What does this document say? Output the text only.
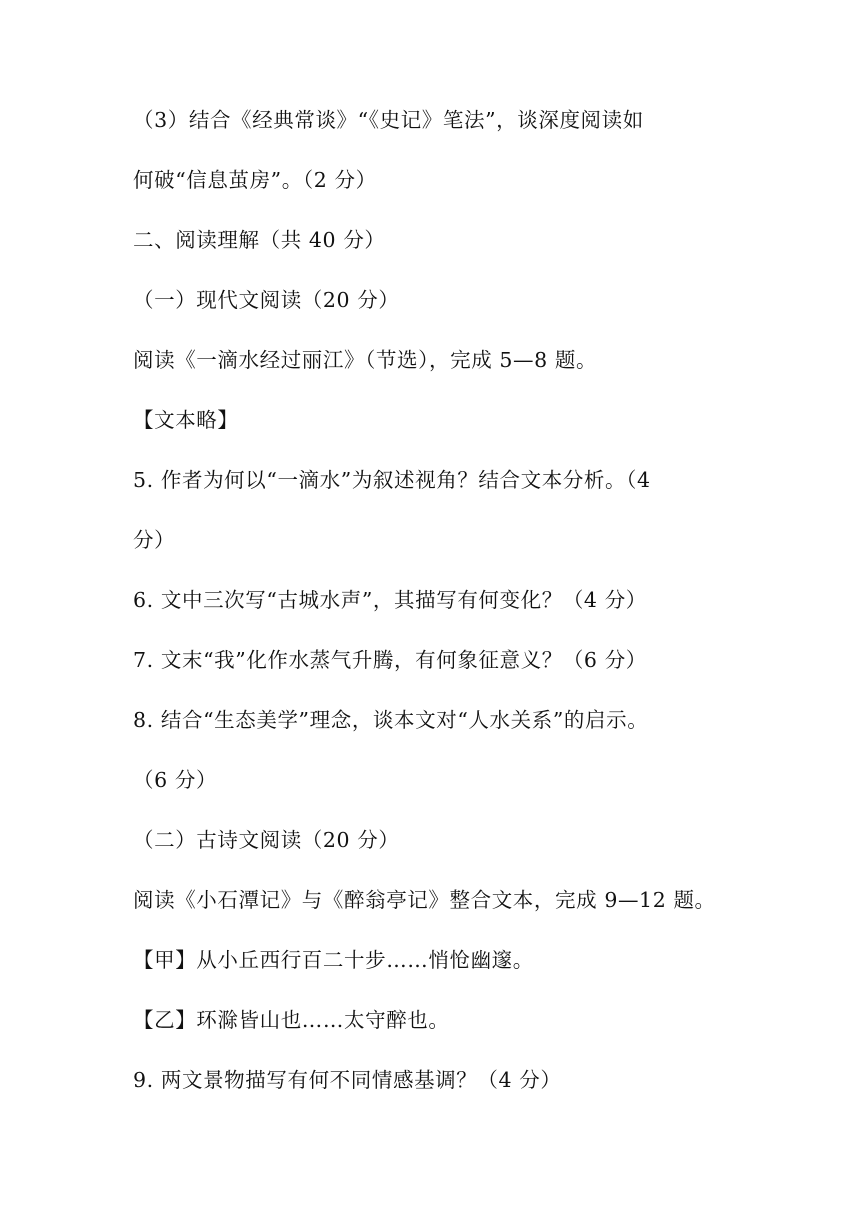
（3）结合《经典常谈》“《史记》笔法”，谈深度阅读如
何破“信息茧房”。（2 分）
二、阅读理解（共 40 分）
（一）现代文阅读（20 分）
阅读《一滴水经过丽江》（节选），完成 5—8 题。
【文本略】
5. 作者为何以“一滴水”为叙述视角？结合文本分析。（4
分）
6. 文中三次写“古城水声”，其描写有何变化？（4 分）
7. 文末“我”化作水蒸气升腾，有何象征意义？（6 分）
8. 结合“生态美学”理念，谈本文对“人水关系”的启示。
（6 分）
（二）古诗文阅读（20 分）
阅读《小石潭记》与《醉翁亭记》整合文本，完成 9—12 题。
【甲】从小丘西行百二十步……悄怆幽邃。
【乙】环滁皆山也……太守醉也。
9. 两文景物描写有何不同情感基调？（4 分）
